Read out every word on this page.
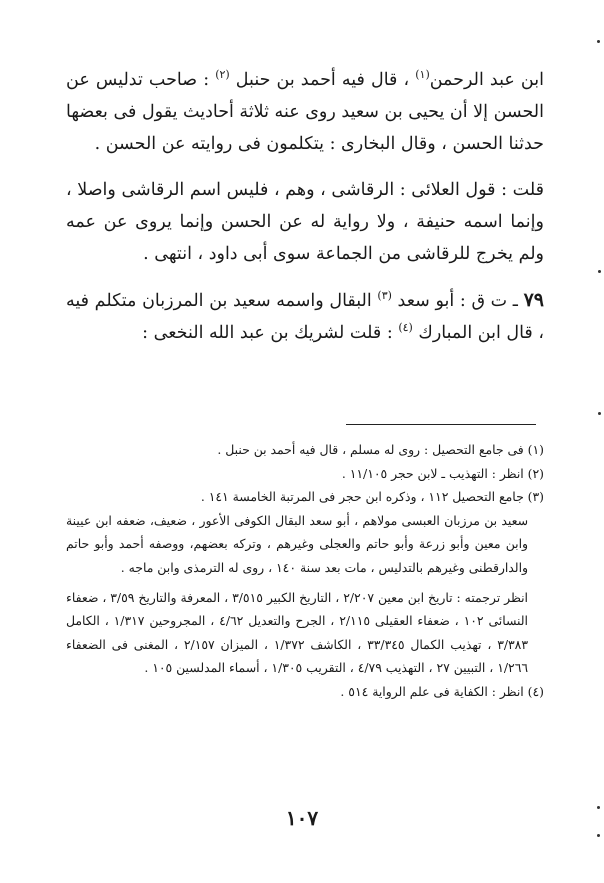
ابن عبد الرحمن$^{(١)}$ ، قال فيه أحمد بن حنبل $^{(٢)}$ : صاحب تدليس عن الحسن إلا أن يحيى بن سعيد روى عنه ثلاثة أحاديث يقول فى بعضها حدثنا الحسن ، وقال البخارى : يتكلمون فى روايته عن الحسن .

قلت : قول العلائى : الرقاشى ، وهم ، فليس اسم الرقاشى واصلا ، وإنما اسمه حنيفة ، ولا رواية له عن الحسن وإنما يروى عن عمه ولم يخرج للرقاشى من الجماعة سوى أبى داود ، انتهى .

٧٩ ـ ت ق : أبو سعد $^{(٣)}$ البقال واسمه سعيد بن المرزبان متكلم فيه ، قال ابن المبارك $^{(٤)}$ : قلت لشريك بن عبد الله النخعى :

(١) فى جامع التحصيل : روى له مسلم ، قال فيه أحمد بن حنبل .

(٢) انظر : التهذيب ـ لابن حجر ١١/١٠٥ .

(٣) جامع التحصيل ١١٢ ، وذكره ابن حجر فى المرتبة الخامسة ١٤١ .

سعيد بن مرزبان العبسى مولاهم ، أبو سعد البقال الكوفى الأعور ، ضعيف، ضعفه ابن عيينة وابن معين وأبو زرعة وأبو حاتم والعجلى وغيرهم ، وتركه بعضهم، ووصفه أحمد وأبو حاتم والدارقطنى وغيرهم بالتدليس ، مات بعد سنة ١٤٠ ، روى له الترمذى وابن ماجه .

انظر ترجمته : تاريخ ابن معين ٢/٢٠٧ ، التاريخ الكبير ٣/٥١٥ ، المعرفة والتاريخ ٣/٥٩ ، ضعفاء النسائى ١٠٢ ، ضعفاء العقيلى ٢/١١٥ ، الجرح والتعديل ٤/٦٢ ، المجروحين ١/٣١٧ ، الكامل ٣/٣٨٣ ، تهذيب الكمال ٣٣/٣٤٥ ، الكاشف ١/٣٧٢ ، الميزان ٢/١٥٧ ، المغنى فى الضعفاء ١/٢٦٦ ، التبيين ٢٧ ، التهذيب ٤/٧٩ ، التقريب ١/٣٠٥ ، أسماء المدلسين ١٠٥ .

(٤) انظر : الكفاية فى علم الرواية ٥١٤ .

١٠٧
